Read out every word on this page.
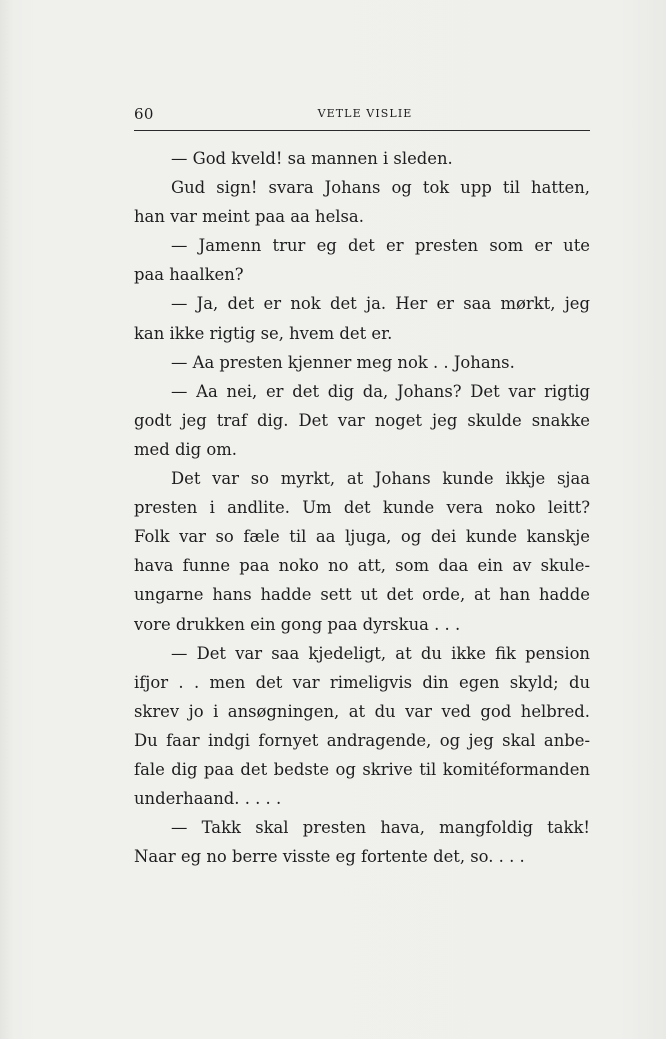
60	VETLE VISLIE
— God kveld! sa mannen i sleden.
Gud sign! svara Johans og tok upp til hatten,
han var meint paa aa helsa.
— Jamenn trur eg det er presten som er ute
paa haalken?
— Ja, det er nok det ja. Her er saa mørkt, jeg
kan ikke rigtig se, hvem det er.
— Aa presten kjenner meg nok . . Johans.
— Aa nei, er det dig da, Johans? Det var rigtig
godt jeg traf dig. Det var noget jeg skulde snakke
med dig om.
Det var so myrkt, at Johans kunde ikkje sjaa
presten i andlite. Um det kunde vera noko leitt?
Folk var so fæle til aa ljuga, og dei kunde kanskje
hava funne paa noko no att, som daa ein av skule-
ungarne hans hadde sett ut det orde, at han hadde
vore drukken ein gong paa dyrskua . . .
— Det var saa kjedeligt, at du ikke fik pension
ifjor . . men det var rimeligvis din egen skyld; du
skrev jo i ansøgningen, at du var ved god helbred.
Du faar indgi fornyet andragende, og jeg skal anbe-
fale dig paa det bedste og skrive til komitéformanden
underhaand. . . . .
— Takk skal presten hava, mangfoldig takk!
Naar eg no berre visste eg fortente det, so. . . .
